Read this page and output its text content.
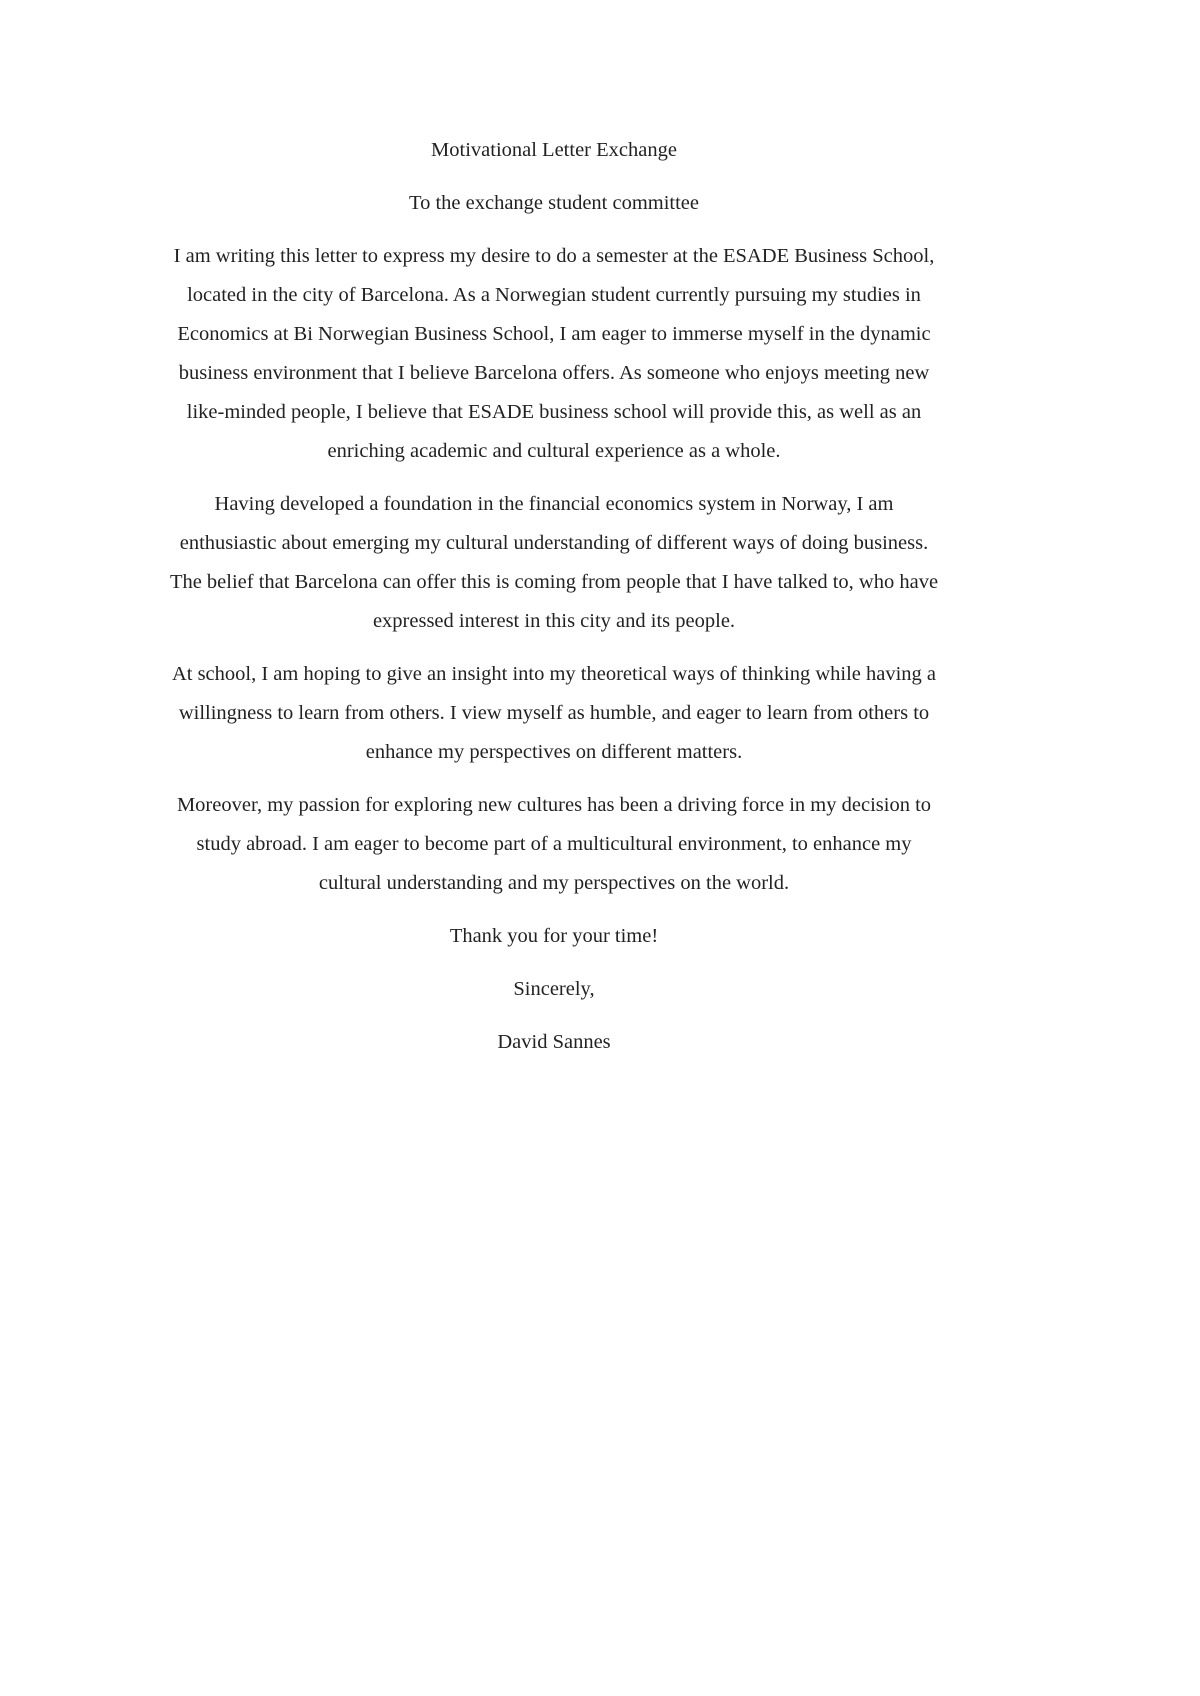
Motivational Letter Exchange
To the exchange student committee
I am writing this letter to express my desire to do a semester at the ESADE Business School,
located in the city of Barcelona. As a Norwegian student currently pursuing my studies in
Economics at Bi Norwegian Business School, I am eager to immerse myself in the dynamic
business environment that I believe Barcelona offers. As someone who enjoys meeting new
like-minded people, I believe that ESADE business school will provide this, as well as an
enriching academic and cultural experience as a whole.
Having developed a foundation in the financial economics system in Norway, I am
enthusiastic about emerging my cultural understanding of different ways of doing business.
The belief that Barcelona can offer this is coming from people that I have talked to, who have
expressed interest in this city and its people.
At school, I am hoping to give an insight into my theoretical ways of thinking while having a
willingness to learn from others. I view myself as humble, and eager to learn from others to
enhance my perspectives on different matters.
Moreover, my passion for exploring new cultures has been a driving force in my decision to
study abroad. I am eager to become part of a multicultural environment, to enhance my
cultural understanding and my perspectives on the world.
Thank you for your time!
Sincerely,
David Sannes
